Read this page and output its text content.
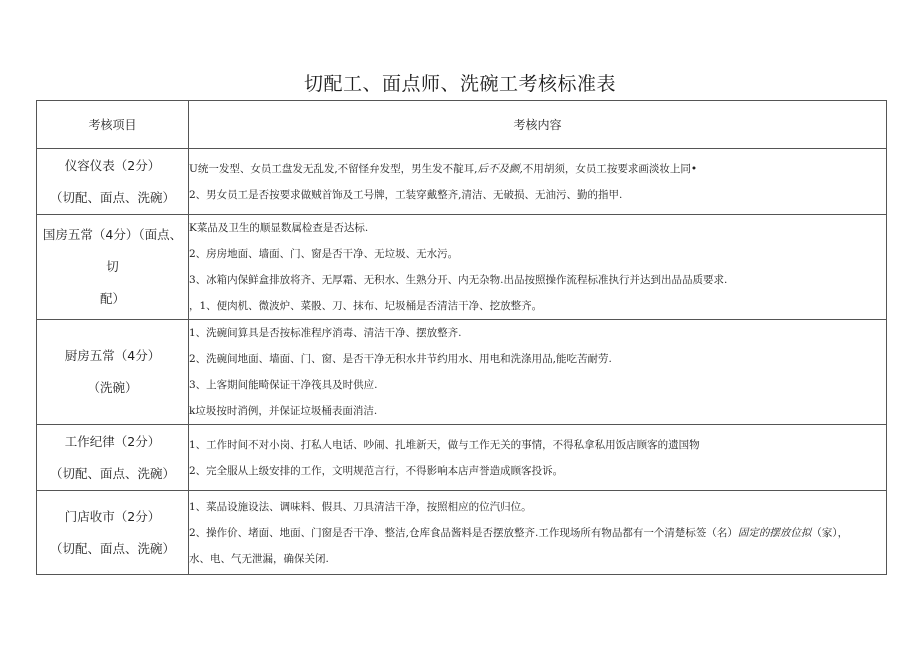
切配工、面点师、洗碗工考核标准表
考核项目	考核内容

仪容仪表（2分）
（切配、面点、洗碗）	U统一发型、女员工盘发无乱发,不留怪弁发型，男生发不靛耳,后不及颤,不用胡须，女员工按要求画淡妆上同•
2、男女员工是否按要求做贼首饰及工号牌，工装穿戴整齐,清洁、无破损、无油污、勤的指甲.

国房五常（4分）（面点、切
配）	K菜品及卫生的顺显数属检查是否达标.
2、房房地面、墙面、门、窗是否干净、无垃圾、无水污。
3、冰箱内保鲜盒排放将齐、无厚霜、无积水、生熟分开、内无杂物.出品按照操作流程标准执行并达到出品品质要求.
，1、便肉机、微波炉、菜骰、刀、抹布、圮圾桶是否清洁干净、挖放整齐。

厨房五常（4分）
（洗碗）	1、洗碗间算具是否按标准程序消毒、清洁干净、摆放整齐.
2、洗碗间地面、墙面、门、窗、是否干净无积水井节约用水、用电和洗涤用品,能吃苦耐劳.
3、上客期间能畸保证干净筏具及时供应.
k垃圾按时消例，并保证垃圾桶表面消洁.

工作纪律（2分）
（切配、面点、洗碗）	1、工作时间不对小岗、打私人电话、吵闹、扎堆新天，做与工作无关的事情，不得私拿私用饭店顾客的遗国物
2、完全服从上级安排的工作，文明规范言行，不得影响本店声誉造成顾客投诉。

门店收市（2分）
（切配、面点、洗碗）	1、菜品设施设法、调味料、假具、刀具清洁干净，按照相应的位汽归位。
2、操作价、堵面、地面、门窗是否干净、整洁,仓库食品酱料是否摆放整齐.工作现场所有物品都有一个清楚标签（名）固定的摆放位拟（家），
水、电、气无泄漏，确保关闭.
